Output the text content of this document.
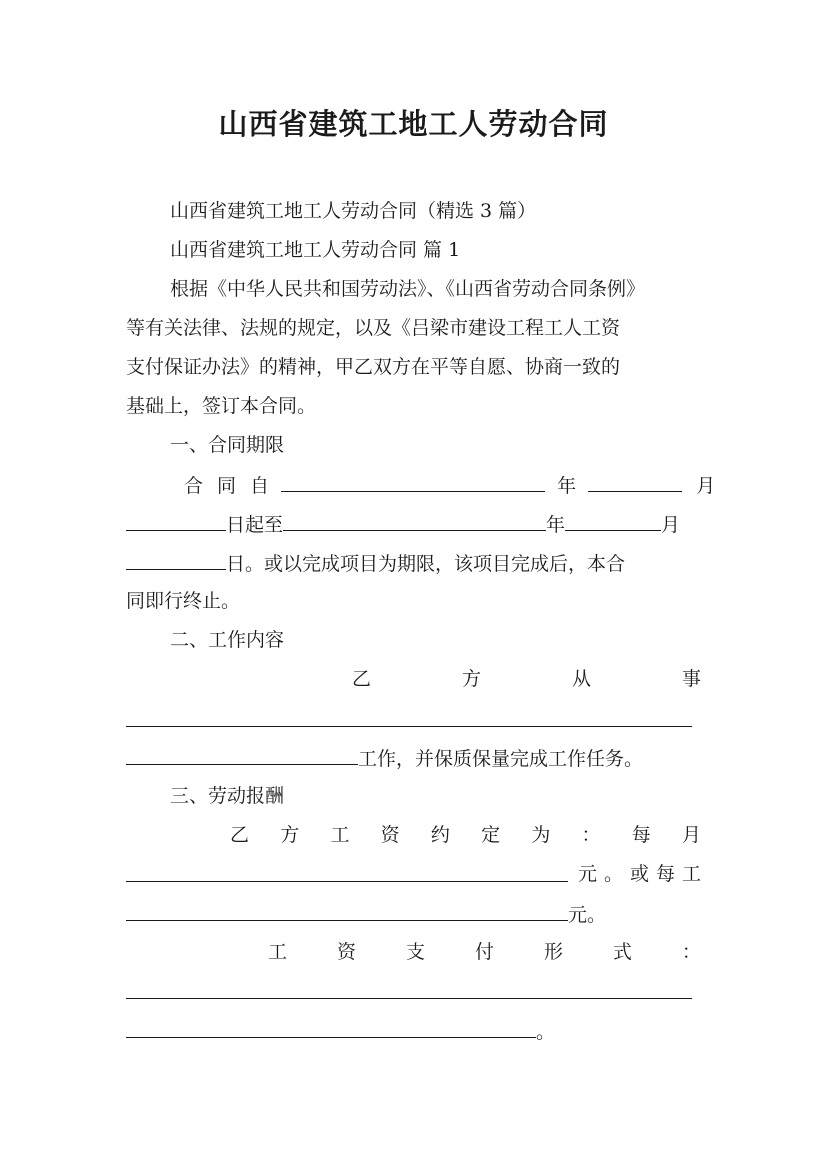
山西省建筑工地工人劳动合同
山西省建筑工地工人劳动合同（精选 3 篇）
山西省建筑工地工人劳动合同 篇 1
根据《中华人民共和国劳动法》、《山西省劳动合同条例》
等有关法律、法规的规定，以及《吕梁市建设工程工人工资
支付保证办法》的精神，甲乙双方在平等自愿、协商一致的
基础上，签订本合同。
一、合同期限
合 同 自	年	月
日起至	年	月
日。或以完成项目为期限，该项目完成后，本合
同即行终止。
二、工作内容
乙	方	从	事
工作，并保质保量完成工作任务。
三、劳动报酬
乙 方 工 资 约 定 为 ： 每 月
元 。 或 每 工
元。
工	资	支	付	形	式	：
。
